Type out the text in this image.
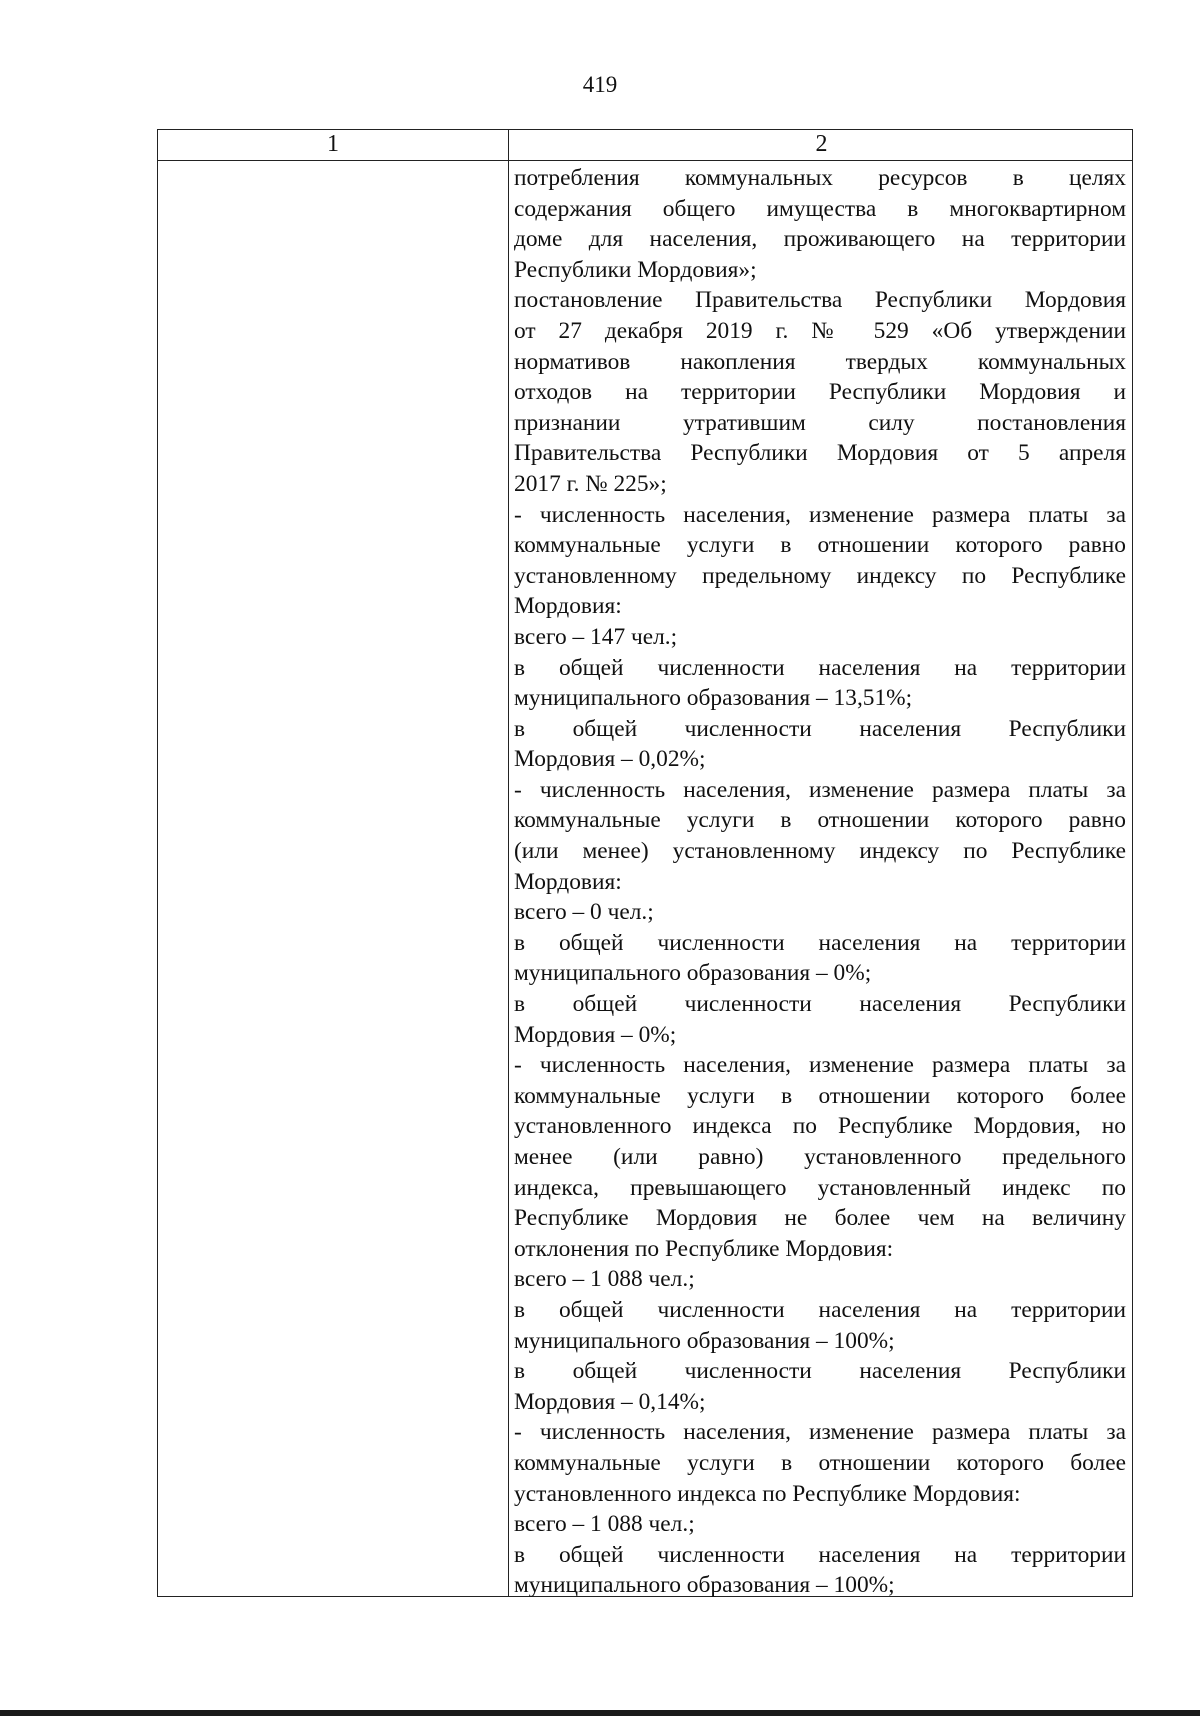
419
1	2

потребления коммунальных ресурсов в целях

содержания общего имущества в многоквартирном

доме для населения, проживающего на территории

Республики Мордовия»;

постановление Правительства Республики Мордовия

от 27 декабря 2019 г. № 529 «Об утверждении

нормативов накопления твердых коммунальных

отходов на территории Республики Мордовия и

признании утратившим силу постановления

Правительства Республики Мордовия от 5 апреля

2017 г. № 225»;

- численность населения, изменение размера платы за

коммунальные услуги в отношении которого равно

установленному предельному индексу по Республике

Мордовия:

всего – 147 чел.;

в общей численности населения на территории

муниципального образования – 13,51%;

в общей численности населения Республики

Мордовия – 0,02%;

- численность населения, изменение размера платы за

коммунальные услуги в отношении которого равно

(или менее) установленному индексу по Республике

Мордовия:

всего – 0 чел.;

в общей численности населения на территории

муниципального образования – 0%;

в общей численности населения Республики

Мордовия – 0%;

- численность населения, изменение размера платы за

коммунальные услуги в отношении которого более

установленного индекса по Республике Мордовия, но

менее (или равно) установленного предельного

индекса, превышающего установленный индекс по

Республике Мордовия не более чем на величину

отклонения по Республике Мордовия:

всего – 1 088 чел.;

в общей численности населения на территории

муниципального образования – 100%;

в общей численности населения Республики

Мордовия – 0,14%;

- численность населения, изменение размера платы за

коммунальные услуги в отношении которого более

установленного индекса по Республике Мордовия:

всего – 1 088 чел.;

в общей численности населения на территории

муниципального образования – 100%;
